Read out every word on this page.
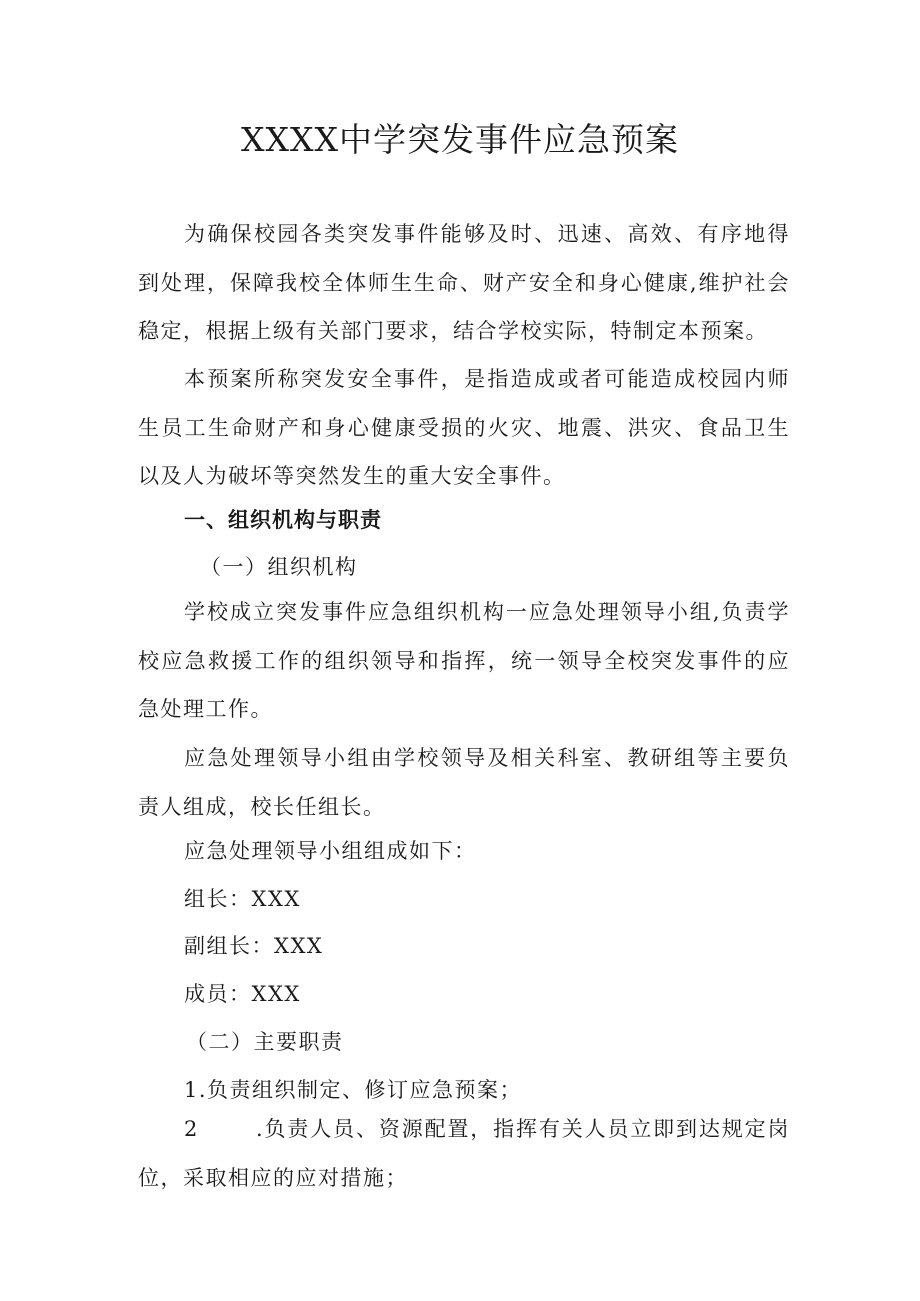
XXXX中学突发事件应急预案

为确保校园各类突发事件能够及时、迅速、高效、有序地得到处理，保障我校全体师生生命、财产安全和身心健康,维护社会稳定，根据上级有关部门要求，结合学校实际，特制定本预案。

本预案所称突发安全事件，是指造成或者可能造成校园内师生员工生命财产和身心健康受损的火灾、地震、洪灾、食品卫生以及人为破坏等突然发生的重大安全事件。

一、组织机构与职责

（一）组织机构

学校成立突发事件应急组织机构一应急处理领导小组,负责学校应急救援工作的组织领导和指挥，统一领导全校突发事件的应急处理工作。

应急处理领导小组由学校领导及相关科室、教研组等主要负责人组成，校长任组长。

应急处理领导小组组成如下：

组长：XXX

副组长：XXX

成员：XXX

（二）主要职责

1.负责组织制定、修订应急预案；

2	.负责人员、资源配置，指挥有关人员立即到达规定岗位，采取相应的应对措施；
